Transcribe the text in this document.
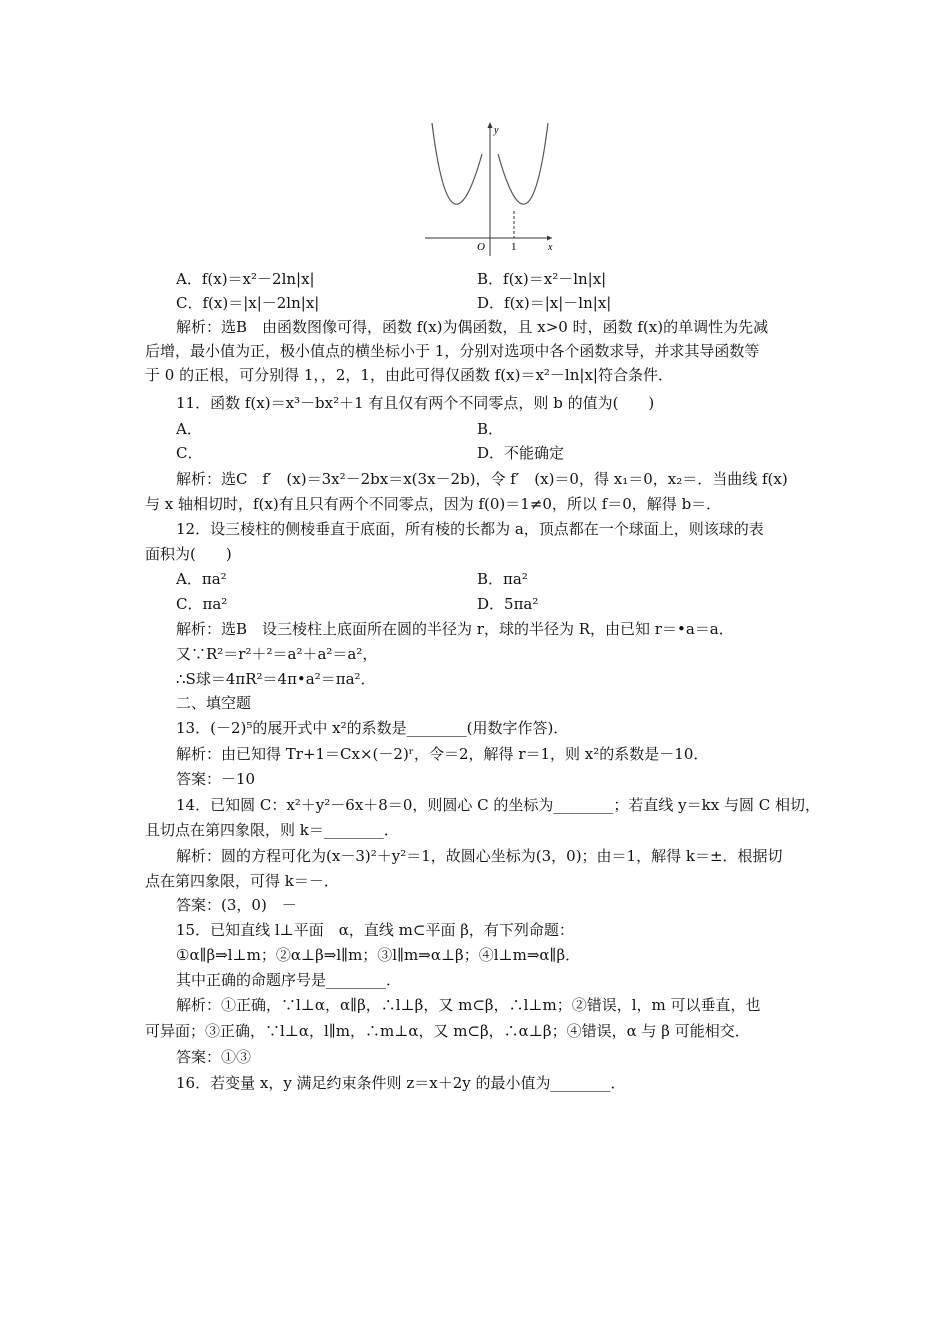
y
x
O 1
A．f(x)＝x²－2ln|x|	B．f(x)＝x²－ln|x|
C．f(x)＝|x|－2ln|x|	D．f(x)＝|x|－ln|x|
解析：选B　由函数图像可得，函数 f(x)为偶函数，且 x>0 时，函数 f(x)的单调性为先减
后增，最小值为正，极小值点的横坐标小于 1，分别对选项中各个函数求导，并求其导函数等
于 0 的正根，可分别得 1，，2，1，由此可得仅函数 f(x)＝x²－ln|x|符合条件．
11．函数 f(x)＝x³－bx²＋1 有且仅有两个不同零点，则 b 的值为(　　)
A．	B．
C．	D．不能确定
解析：选C　f′　(x)＝3x²－2bx＝x(3x－2b)，令 f′　(x)＝0，得 x₁＝0，x₂＝．当曲线 f(x)
与 x 轴相切时，f(x)有且只有两个不同零点，因为 f(0)＝1≠0，所以 f＝0，解得 b＝．
12．设三棱柱的侧棱垂直于底面，所有棱的长都为 a，顶点都在一个球面上，则该球的表
面积为(　　)
A．πa²	B．πa²
C．πa²	D．5πa²
解析：选B　设三棱柱上底面所在圆的半径为 r，球的半径为 R，由已知 r＝•a＝a．
又∵R²＝r²＋²＝a²＋a²＝a²，
∴S球＝4πR²＝4π•a²＝πa²．
二、填空题
13．(－2)⁵的展开式中 x²的系数是________(用数字作答)．
解析：由已知得 Tr+1＝Cx×(－2)ʳ，令＝2，解得 r＝1，则 x²的系数是－10．
答案：－10
14．已知圆 C：x²＋y²－6x＋8＝0，则圆心 C 的坐标为________；若直线 y＝kx 与圆 C 相切，
且切点在第四象限，则 k＝________．
解析：圆的方程可化为(x－3)²＋y²＝1，故圆心坐标为(3，0)；由＝1，解得 k＝±．根据切
点在第四象限，可得 k＝－．
答案：(3，0)　－
15．已知直线 l⊥平面　α，直线 m⊂平面 β，有下列命题：
①α∥β⇒l⊥m；②α⊥β⇒l∥m；③l∥m⇒α⊥β；④l⊥m⇒α∥β．
其中正确的命题序号是________．
解析：①正确，∵l⊥α，α∥β，∴l⊥β，又 m⊂β，∴l⊥m；②错误，l，m 可以垂直，也
可异面；③正确，∵l⊥α，l∥m，∴m⊥α，又 m⊂β，∴α⊥β；④错误，α 与 β 可能相交．
答案：①③
16．若变量 x，y 满足约束条件则 z＝x＋2y 的最小值为________．
